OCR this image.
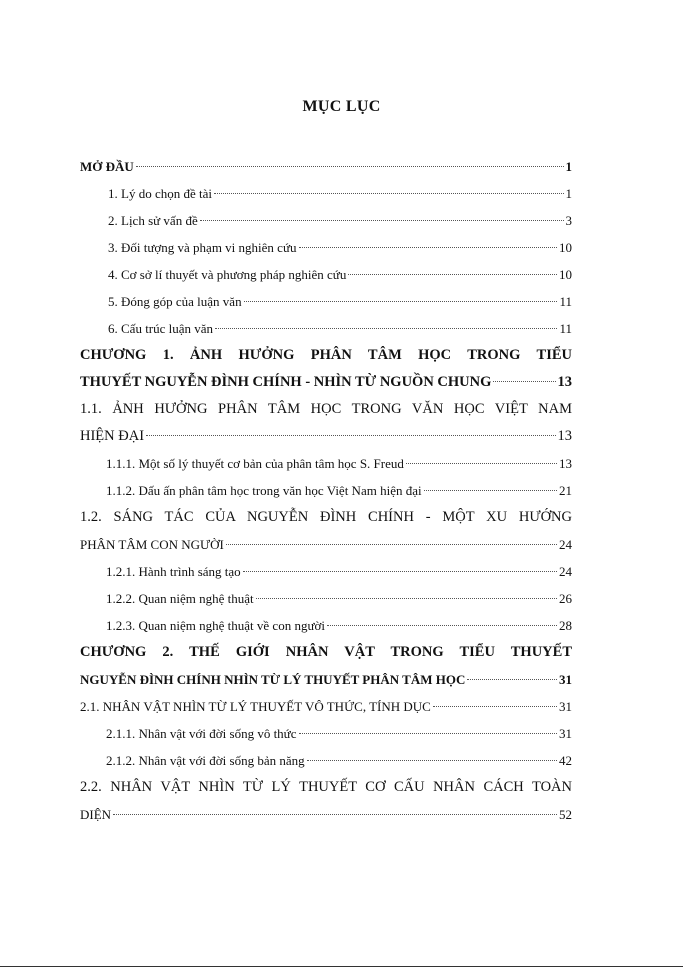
MỤC LỤC
MỞ ĐẦU	1
1. Lý do chọn đề tài	1
2. Lịch sử vấn đề	3
3. Đối tượng và phạm vi nghiên cứu	10
4. Cơ sở lí thuyết và phương pháp nghiên cứu	10
5. Đóng góp của luận văn	11
6. Cấu trúc luận văn	11
CHƯƠNG 1. ẢNH HƯỞNG PHÂN TÂM HỌC TRONG TIỂU
THUYẾT NGUYỄN ĐÌNH CHÍNH - NHÌN TỪ NGUỒN CHUNG	13
1.1. ẢNH HƯỞNG PHÂN TÂM HỌC TRONG VĂN HỌC VIỆT NAM
HIỆN ĐẠI	13
1.1.1. Một số lý thuyết cơ bản của phân tâm học S. Freud	13
1.1.2. Dấu ấn phân tâm học trong văn học Việt Nam hiện đại	21
1.2. SÁNG TÁC CỦA NGUYỄN ĐÌNH CHÍNH - MỘT XU HƯỚNG
PHÂN TÂM CON NGƯỜI	24
1.2.1. Hành trình sáng tạo	24
1.2.2. Quan niệm nghệ thuật	26
1.2.3. Quan niệm nghệ thuật về con người	28
CHƯƠNG 2. THẾ GIỚI NHÂN VẬT TRONG TIỂU THUYẾT
NGUYỄN ĐÌNH CHÍNH NHÌN TỪ LÝ THUYẾT PHÂN TÂM HỌC	31
2.1. NHÂN VẬT NHÌN TỪ LÝ THUYẾT VÔ THỨC, TÍNH DỤC	31
2.1.1. Nhân vật với đời sống vô thức	31
2.1.2. Nhân vật với đời sống bản năng	42
2.2. NHÂN VẬT NHÌN TỪ LÝ THUYẾT CƠ CẤU NHÂN CÁCH TOÀN
DIỆN	52
